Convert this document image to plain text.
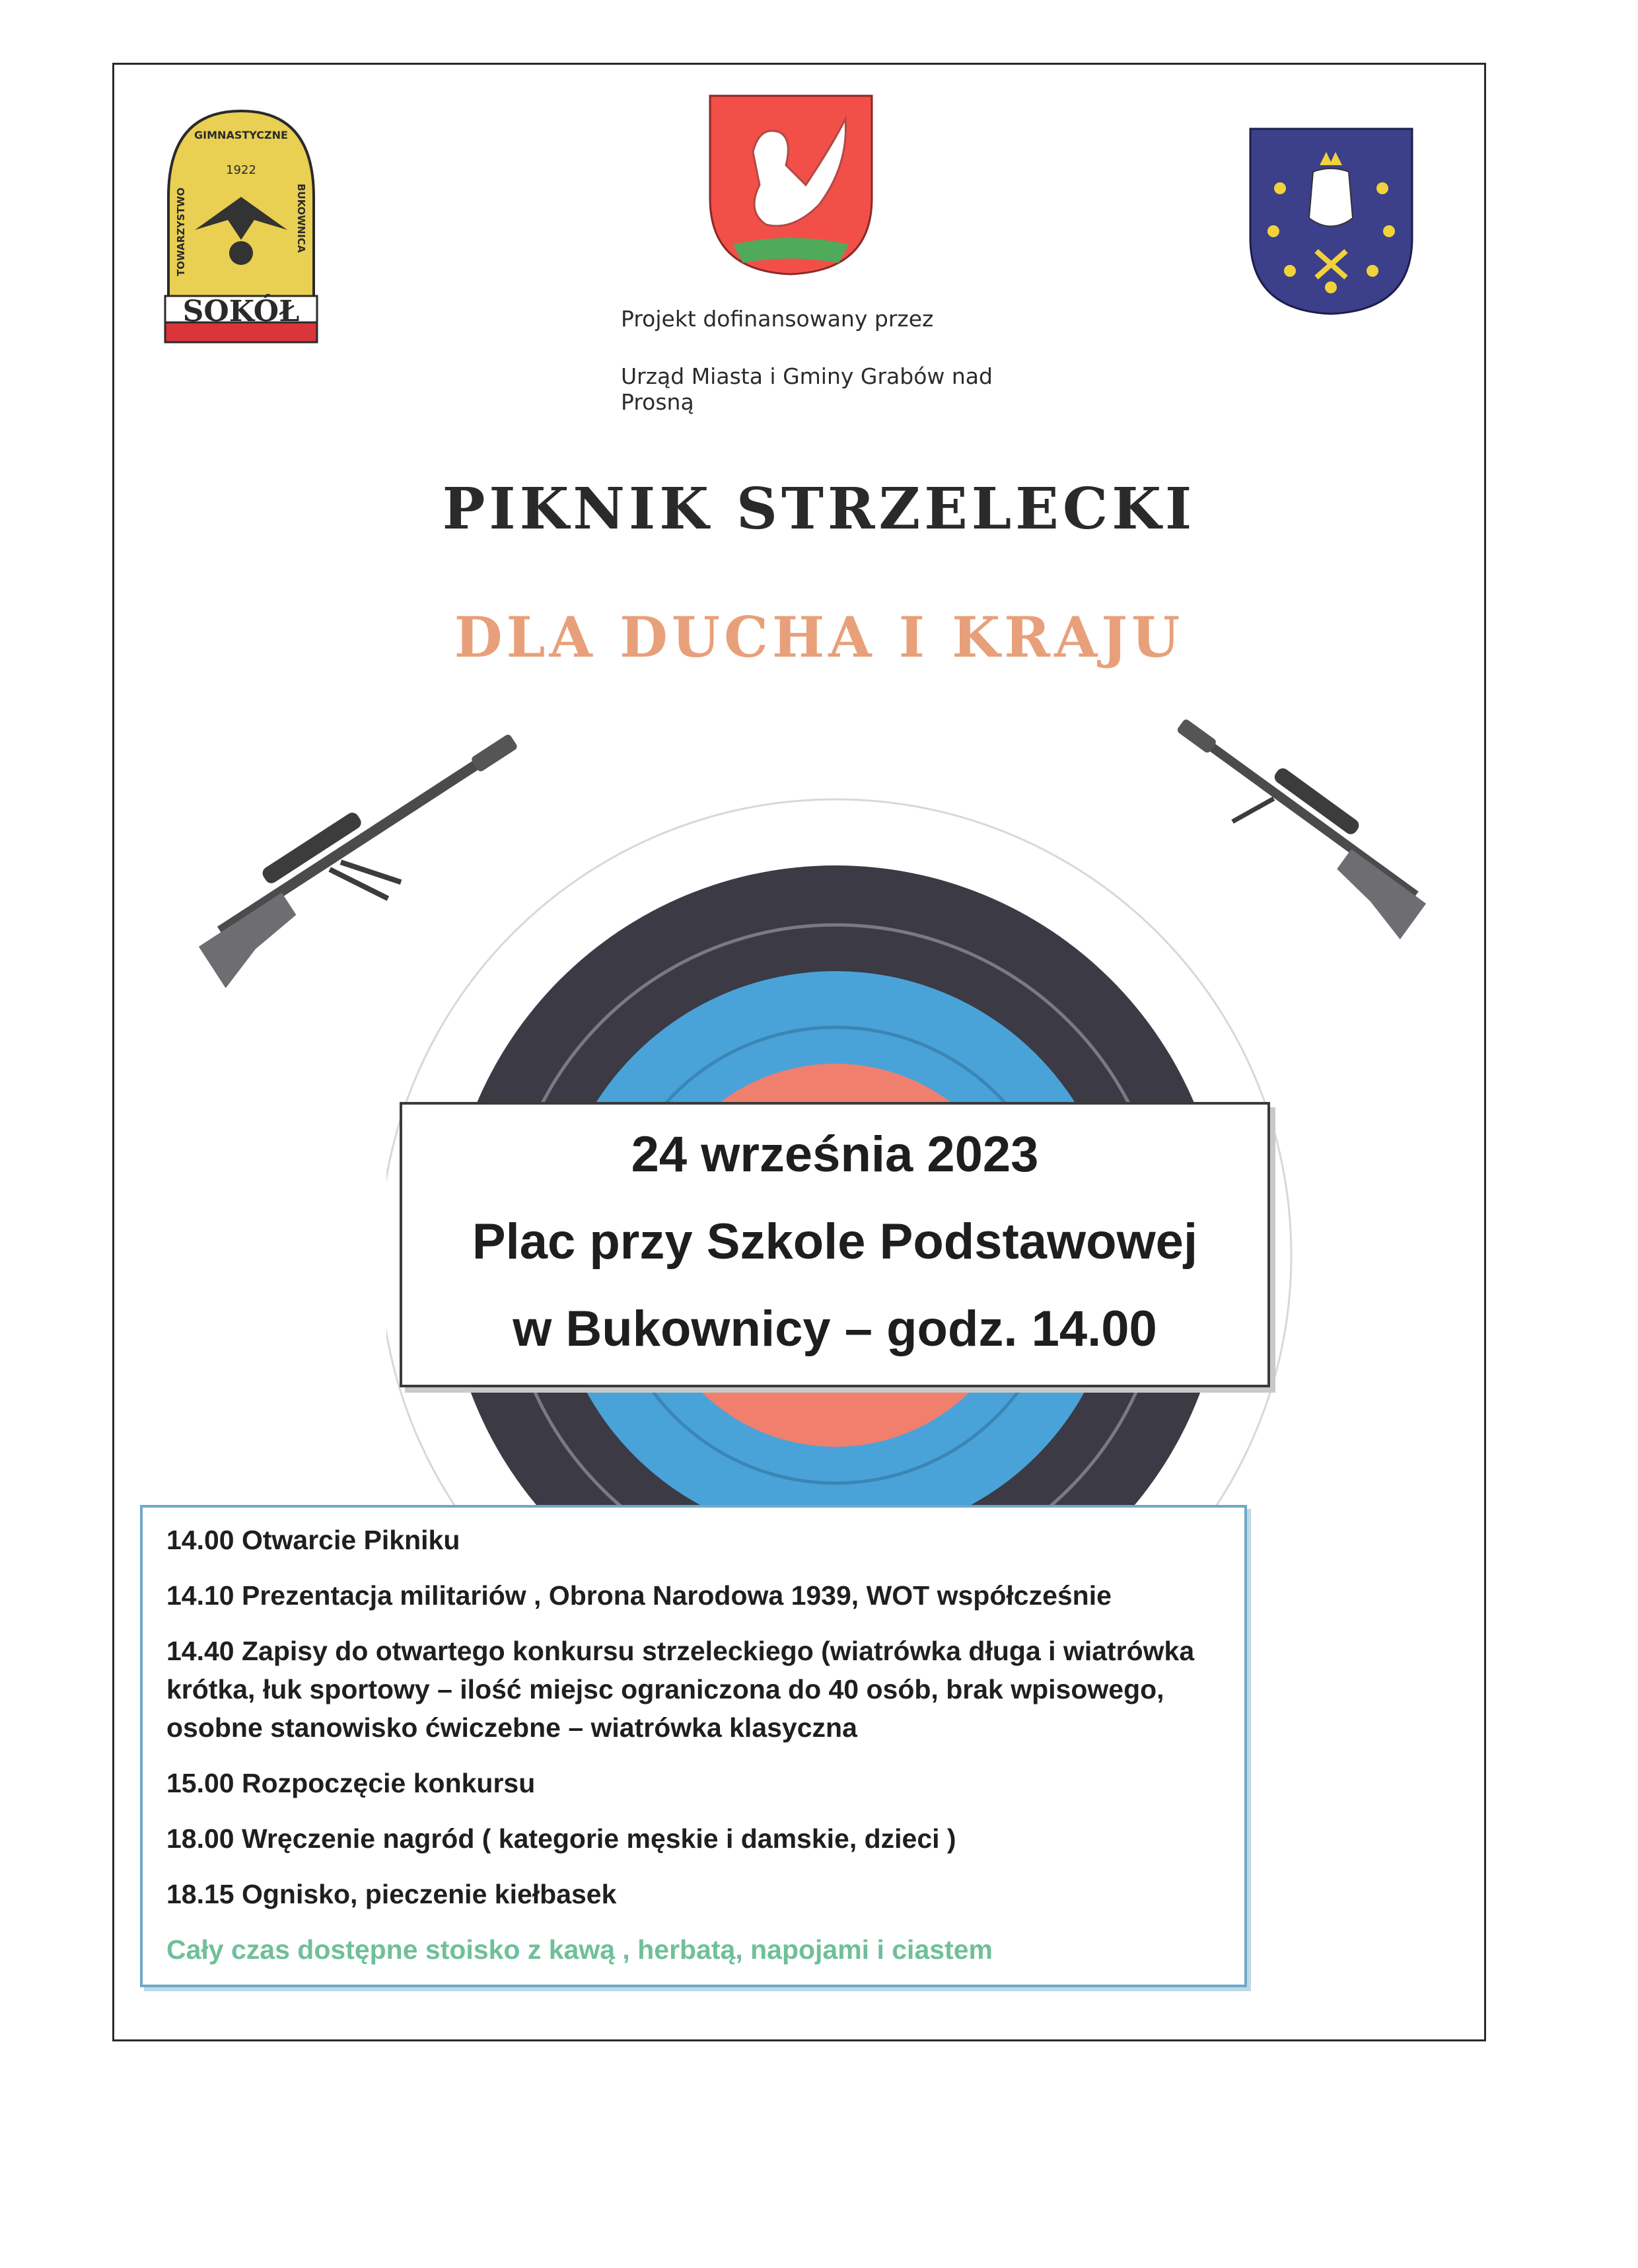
1922
GIMNASTYCZNE
TOWARZYSTWO	BUKOWNICA
SOKÓŁ	Projekt dofinansowany przez
Urząd Miasta i Gminy Grabów nad Prosną
PIKNIK STRZELECKI
DLA DUCHA I KRAJU
24 września 2023
Plac przy Szkole Podstawowej
w Bukownicy – godz. 14.00
14.00 Otwarcie Pikniku
14.10 Prezentacja militariów , Obrona Narodowa 1939, WOT współcześnie
14.40 Zapisy do otwartego konkursu strzeleckiego (wiatrówka długa i wiatrówka krótka, łuk sportowy – ilość miejsc ograniczona do 40 osób, brak wpisowego, osobne stanowisko ćwiczebne – wiatrówka klasyczna
15.00 Rozpoczęcie konkursu
18.00 Wręczenie nagród ( kategorie męskie i damskie, dzieci )
18.15 Ognisko, pieczenie kiełbasek
Cały czas dostępne stoisko z kawą , herbatą, napojami i ciastem
